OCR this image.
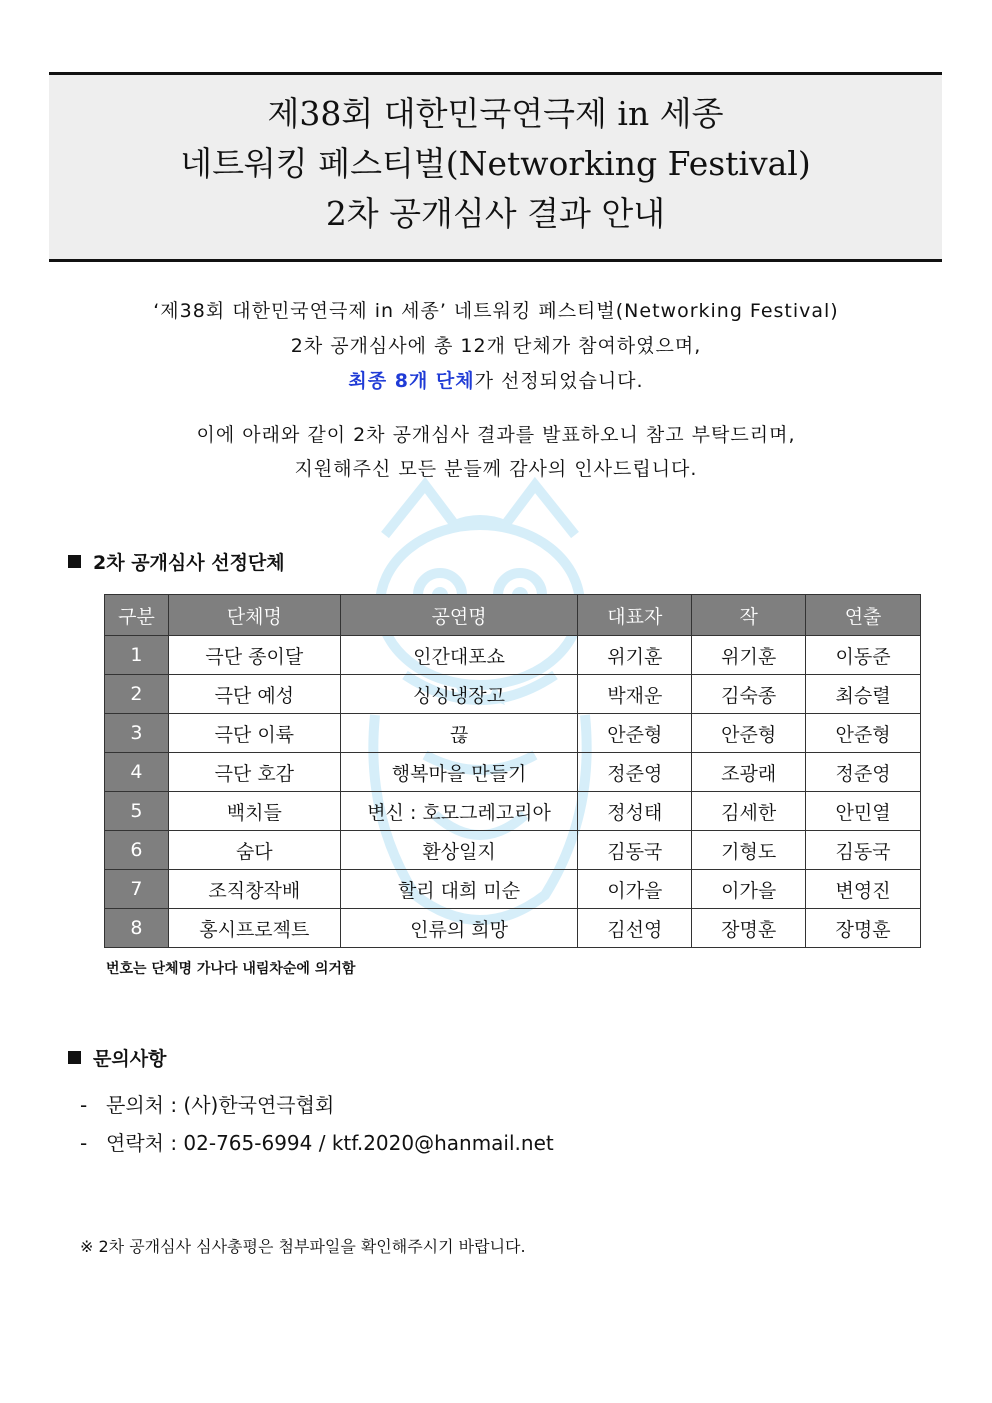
제38회 대한민국연극제 in 세종
네트워킹 페스티벌(Networking Festival)
2차 공개심사 결과 안내
‘제38회 대한민국연극제 in 세종’ 네트워킹 페스티벌(Networking Festival)
2차 공개심사에 총 12개 단체가 참여하였으며,
최종 8개 단체가 선정되었습니다.
이에 아래와 같이 2차 공개심사 결과를 발표하오니 참고 부탁드리며,
지원해주신 모든 분들께 감사의 인사드립니다.
2차 공개심사 선정단체
구분	단체명	공연명	대표자	작	연출
1	극단 종이달	인간대포쇼	위기훈	위기훈	이동준
2	극단 예성	싱싱냉장고	박재운	김숙종	최승렬
3	극단 이륙	끊	안준형	안준형	안준형
4	극단 호감	행복마을 만들기	정준영	조광래	정준영
5	백치들	변신 : 호모그레고리아	정성태	김세한	안민열
6	숨다	환상일지	김동국	기형도	김동국
7	조직창작배	할리 대희 미순	이가을	이가을	변영진
8	홍시프로젝트	인류의 희망	김선영	장명훈	장명훈
번호는 단체명 가나다 내림차순에 의거함
문의사항
- 문의처 : (사)한국연극협회
- 연락처 : 02-765-6994 / ktf.2020@hanmail.net
※ 2차 공개심사 심사총평은 첨부파일을 확인해주시기 바랍니다.
